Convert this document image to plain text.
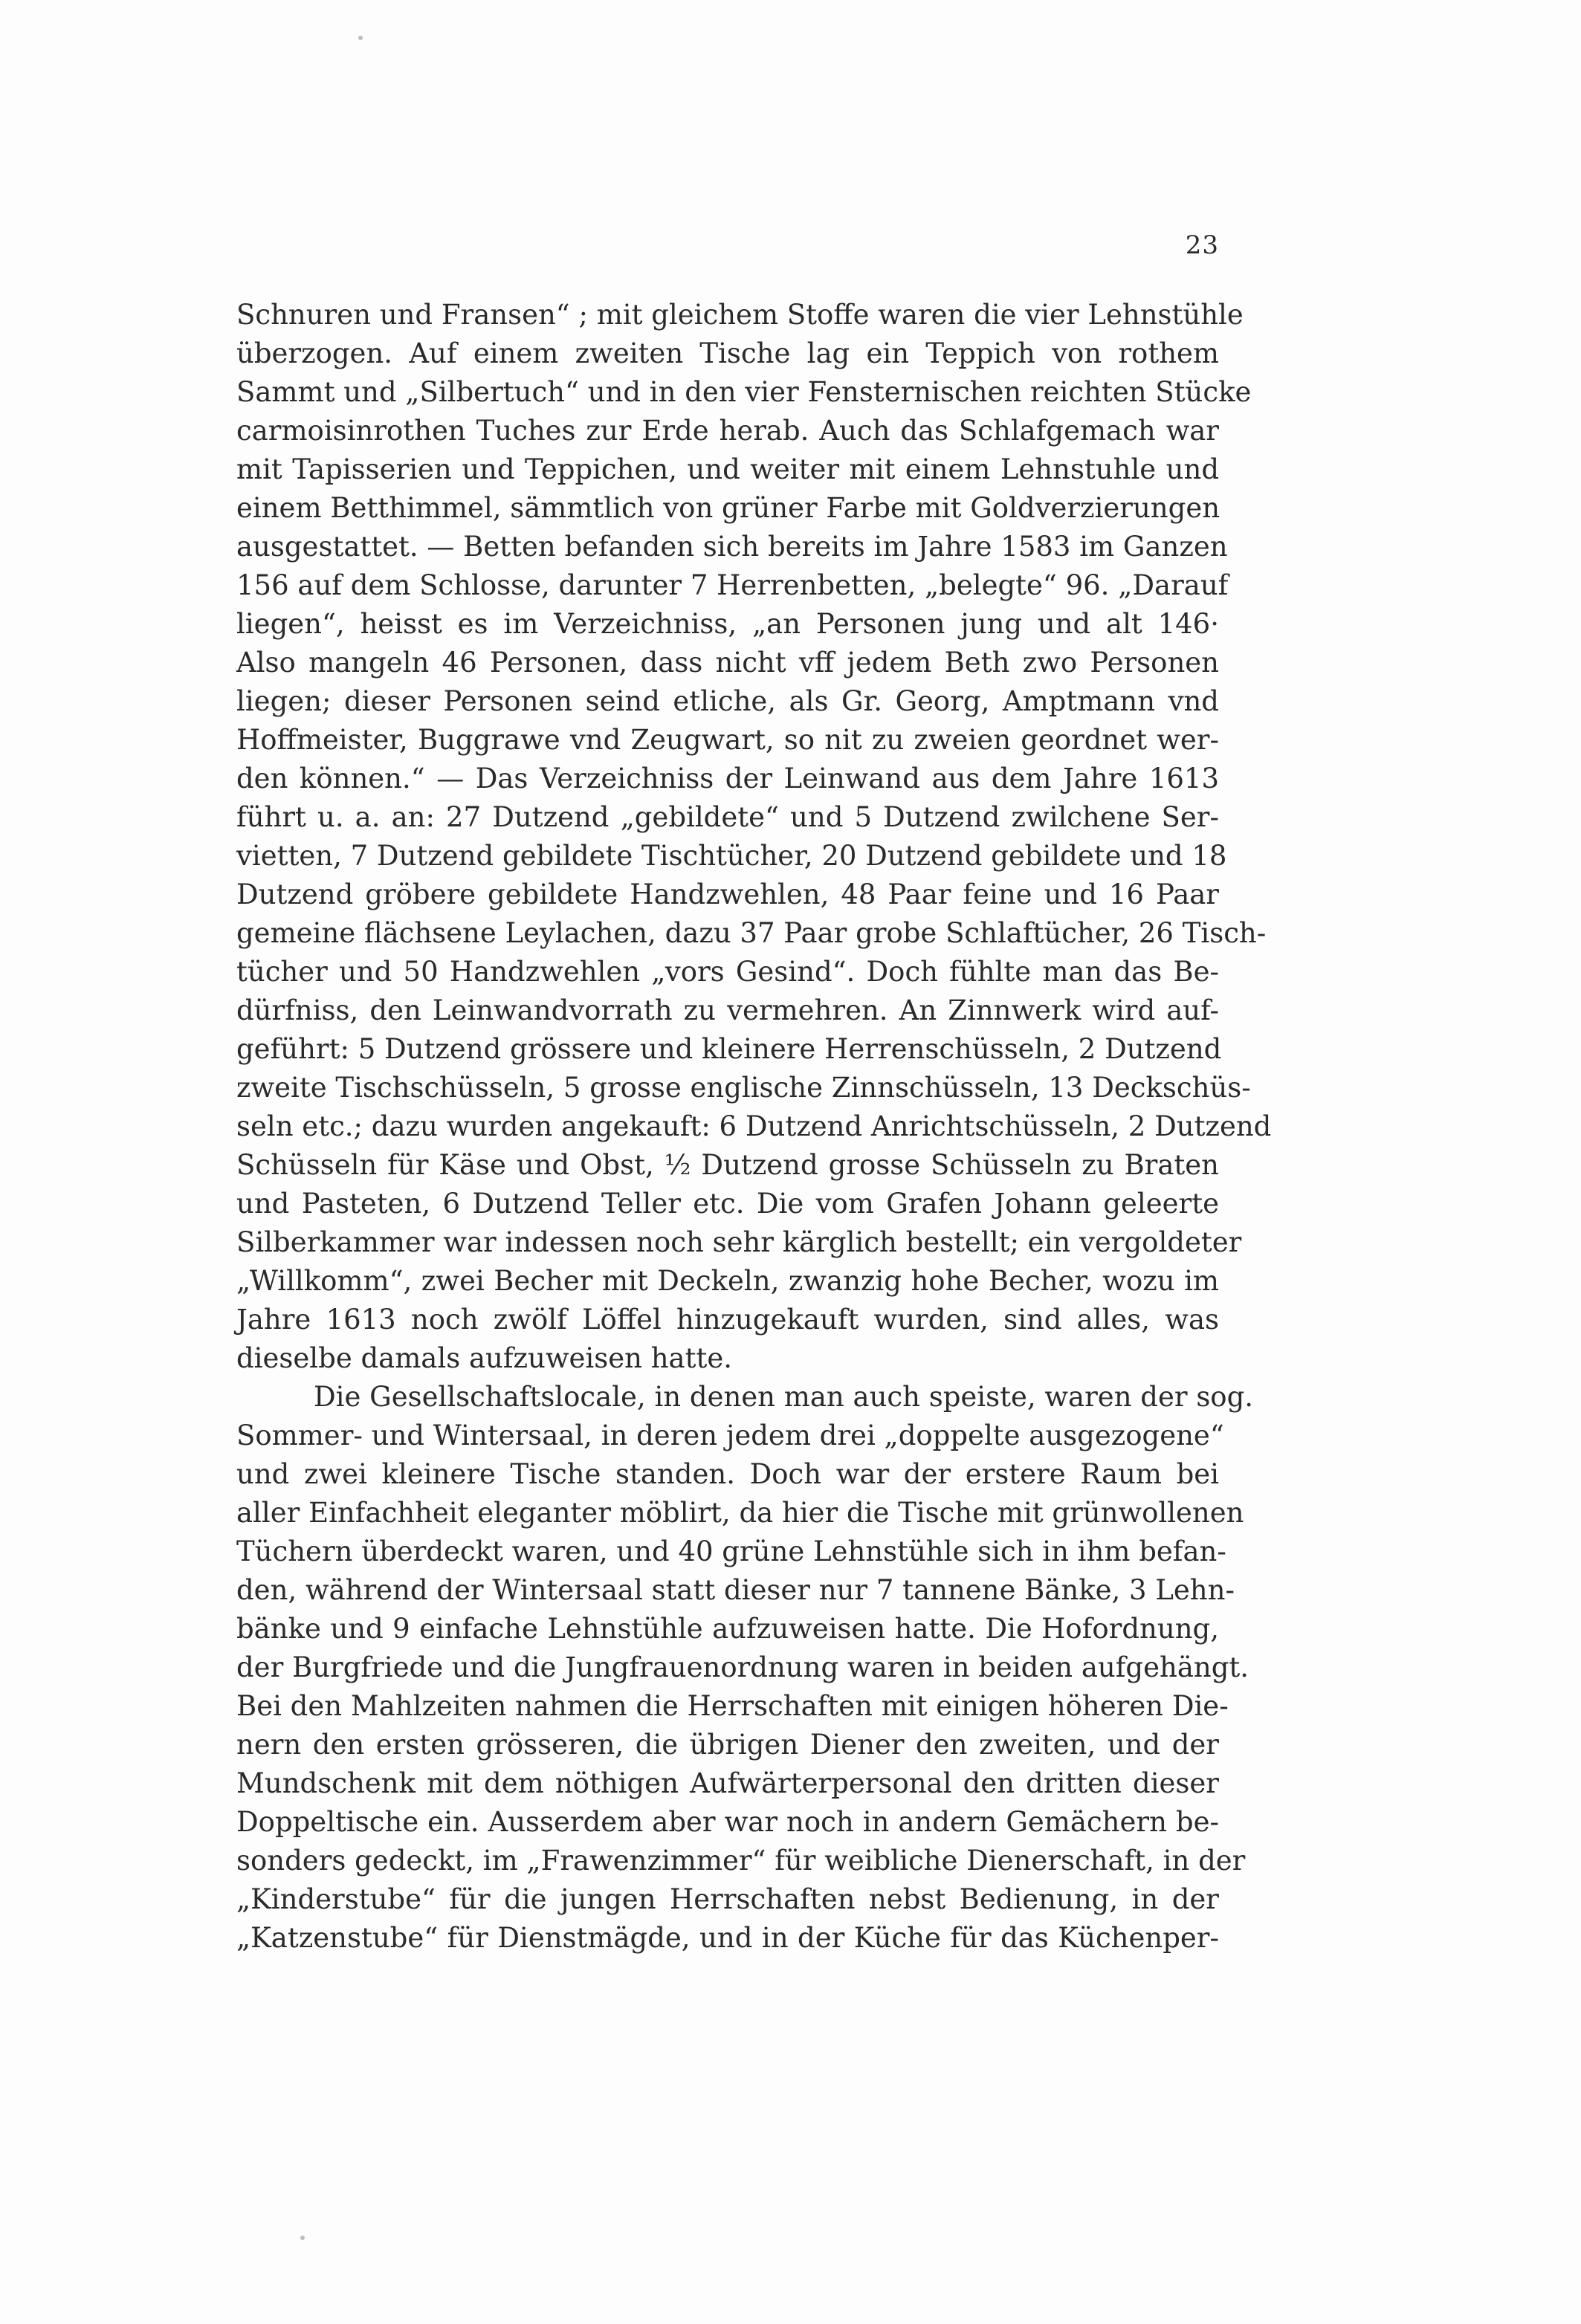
23
Schnuren und Fransen“ ; mit gleichem Stoffe waren die vier Lehnstühle
überzogen. Auf einem zweiten Tische lag ein Teppich von rothem
Sammt und „Silbertuch“ und in den vier Fensternischen reichten Stücke
carmoisinrothen Tuches zur Erde herab. Auch das Schlafgemach war
mit Tapisserien und Teppichen, und weiter mit einem Lehnstuhle und
einem Betthimmel, sämmtlich von grüner Farbe mit Goldverzierungen
ausgestattet. — Betten befanden sich bereits im Jahre 1583 im Ganzen
156 auf dem Schlosse, darunter 7 Herrenbetten, „belegte“ 96. „Darauf
liegen“, heisst es im Verzeichniss, „an Personen jung und alt 146·
Also mangeln 46 Personen, dass nicht vff jedem Beth zwo Personen
liegen; dieser Personen seind etliche, als Gr. Georg, Amptmann vnd
Hoffmeister, Buggrawe vnd Zeugwart, so nit zu zweien geordnet wer-
den können.“ — Das Verzeichniss der Leinwand aus dem Jahre 1613
führt u. a. an: 27 Dutzend „gebildete“ und 5 Dutzend zwilchene Ser-
vietten, 7 Dutzend gebildete Tischtücher, 20 Dutzend gebildete und 18
Dutzend gröbere gebildete Handzwehlen, 48 Paar feine und 16 Paar
gemeine flächsene Leylachen, dazu 37 Paar grobe Schlaftücher, 26 Tisch-
tücher und 50 Handzwehlen „vors Gesind“. Doch fühlte man das Be-
dürfniss, den Leinwandvorrath zu vermehren. An Zinnwerk wird auf-
geführt: 5 Dutzend grössere und kleinere Herrenschüsseln, 2 Dutzend
zweite Tischschüsseln, 5 grosse englische Zinnschüsseln, 13 Deckschüs-
seln etc.; dazu wurden angekauft: 6 Dutzend Anrichtschüsseln, 2 Dutzend
Schüsseln für Käse und Obst, ½ Dutzend grosse Schüsseln zu Braten
und Pasteten, 6 Dutzend Teller etc. Die vom Grafen Johann geleerte
Silberkammer war indessen noch sehr kärglich bestellt; ein vergoldeter
„Willkomm“, zwei Becher mit Deckeln, zwanzig hohe Becher, wozu im
Jahre 1613 noch zwölf Löffel hinzugekauft wurden, sind alles, was
dieselbe damals aufzuweisen hatte.
Die Gesellschaftslocale, in denen man auch speiste, waren der sog.
Sommer- und Wintersaal, in deren jedem drei „doppelte ausgezogene“
und zwei kleinere Tische standen. Doch war der erstere Raum bei
aller Einfachheit eleganter möblirt, da hier die Tische mit grünwollenen
Tüchern überdeckt waren, und 40 grüne Lehnstühle sich in ihm befan-
den, während der Wintersaal statt dieser nur 7 tannene Bänke, 3 Lehn-
bänke und 9 einfache Lehnstühle aufzuweisen hatte. Die Hofordnung,
der Burgfriede und die Jungfrauenordnung waren in beiden aufgehängt.
Bei den Mahlzeiten nahmen die Herrschaften mit einigen höheren Die-
nern den ersten grösseren, die übrigen Diener den zweiten, und der
Mundschenk mit dem nöthigen Aufwärterpersonal den dritten dieser
Doppeltische ein. Ausserdem aber war noch in andern Gemächern be-
sonders gedeckt, im „Frawenzimmer“ für weibliche Dienerschaft, in der
„Kinderstube“ für die jungen Herrschaften nebst Bedienung, in der
„Katzenstube“ für Dienstmägde, und in der Küche für das Küchenper-
